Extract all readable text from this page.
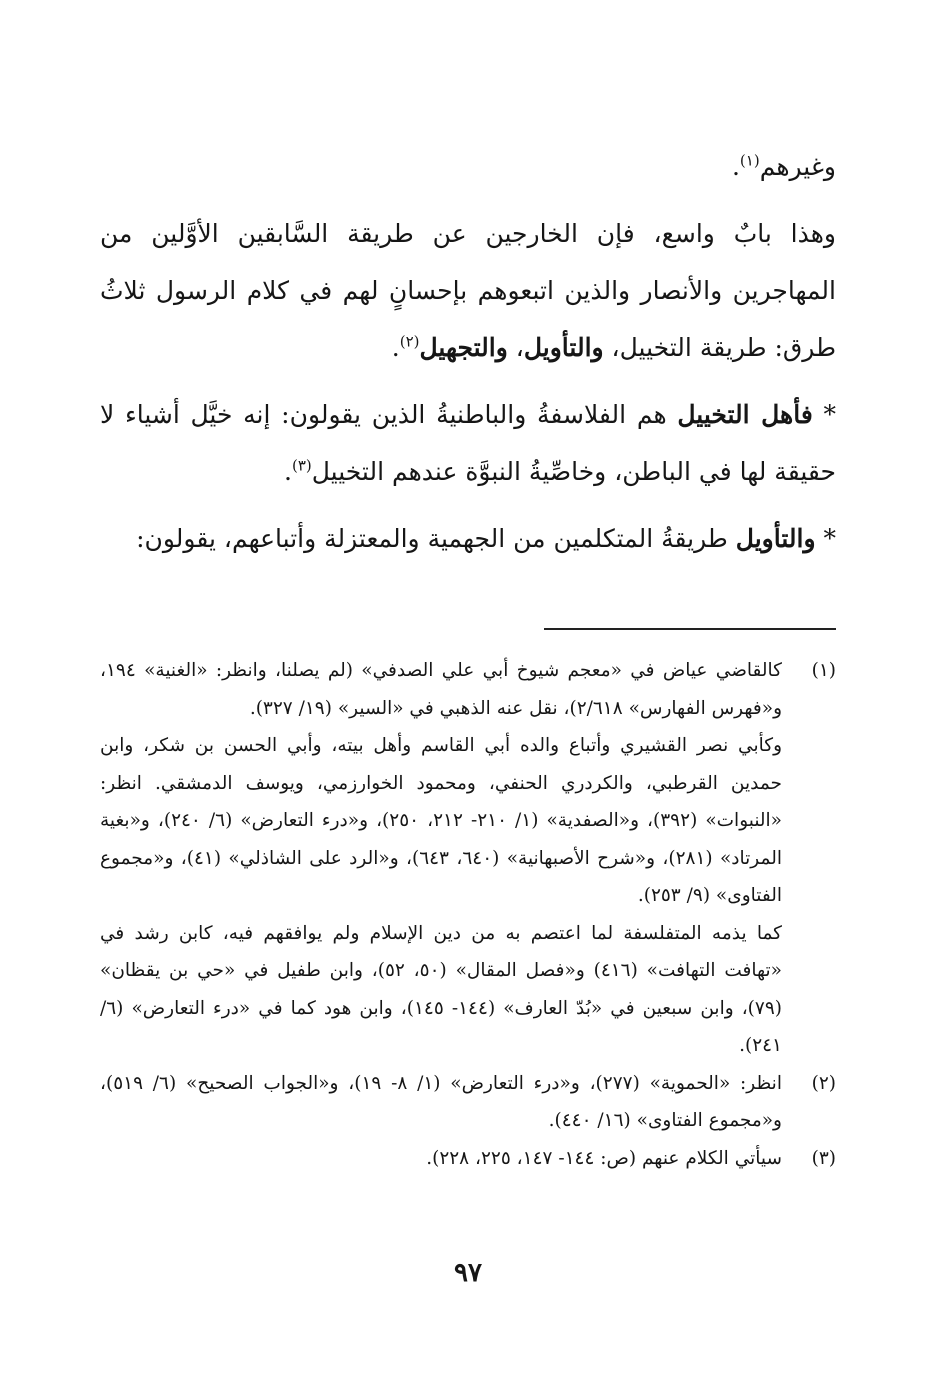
وغيرهم$^{(١)}$.

وهذا بابٌ واسع، فإن الخارجين عن طريقة السَّابقين الأوَّلين من المهاجرين والأنصار والذين اتبعوهم بإحسانٍ لهم في كلام الرسول ثلاثُ طرق: طريقة التخييل، والتأويل، والتجهيل$^{(٢)}$.

* فأهل التخييل هم الفلاسفةُ والباطنيةُ الذين يقولون: إنه خيَّل أشياء لا حقيقة لها في الباطن، وخاصِّيةُ النبوَّة عندهم التخييل$^{(٣)}$.

* والتأويل طريقةُ المتكلمين من الجهمية والمعتزلة وأتباعهم، يقولون:

(١)

كالقاضي عياض في «معجم شيوخ أبي علي الصدفي» (لم يصلنا، وانظر: «الغنية» ١٩٤، و«فهرس الفهارس» ٢/٦١٨)، نقل عنه الذهبي في «السير» (١٩/ ٣٢٧).

وكأبي نصر القشيري وأتباع والده أبي القاسم وأهل بيته، وأبي الحسن بن شكر، وابن حمدين القرطبي، والكردري الحنفي، ومحمود الخوارزمي، ويوسف الدمشقي. انظر: «النبوات» (٣٩٢)، و«الصفدية» (١/ ٢١٠- ٢١٢، ٢٥٠)، و«درء التعارض» (٦/ ٢٤٠)، و«بغية المرتاد» (٢٨١)، و«شرح الأصبهانية» (٦٤٠، ٦٤٣)، و«الرد على الشاذلي» (٤١)، و«مجموع الفتاوى» (٩/ ٢٥٣).

كما يذمه المتفلسفة لما اعتصم به من دين الإسلام ولم يوافقهم فيه، كابن رشد في «تهافت التهافت» (٤١٦) و«فصل المقال» (٥٠، ٥٢)، وابن طفيل في «حي بن يقظان» (٧٩)، وابن سبعين في «بُدّ العارف» (١٤٤- ١٤٥)، وابن هود كما في «درء التعارض» (٦/ ٢٤١).

(٢)

انظر: «الحموية» (٢٧٧)، و«درء التعارض» (١/ ٨- ١٩)، و«الجواب الصحيح» (٦/ ٥١٩)، و«مجموع الفتاوى» (١٦/ ٤٤٠).

(٣)

سيأتي الكلام عنهم (ص: ١٤٤- ١٤٧، ٢٢٥، ٢٢٨).

٩٧
